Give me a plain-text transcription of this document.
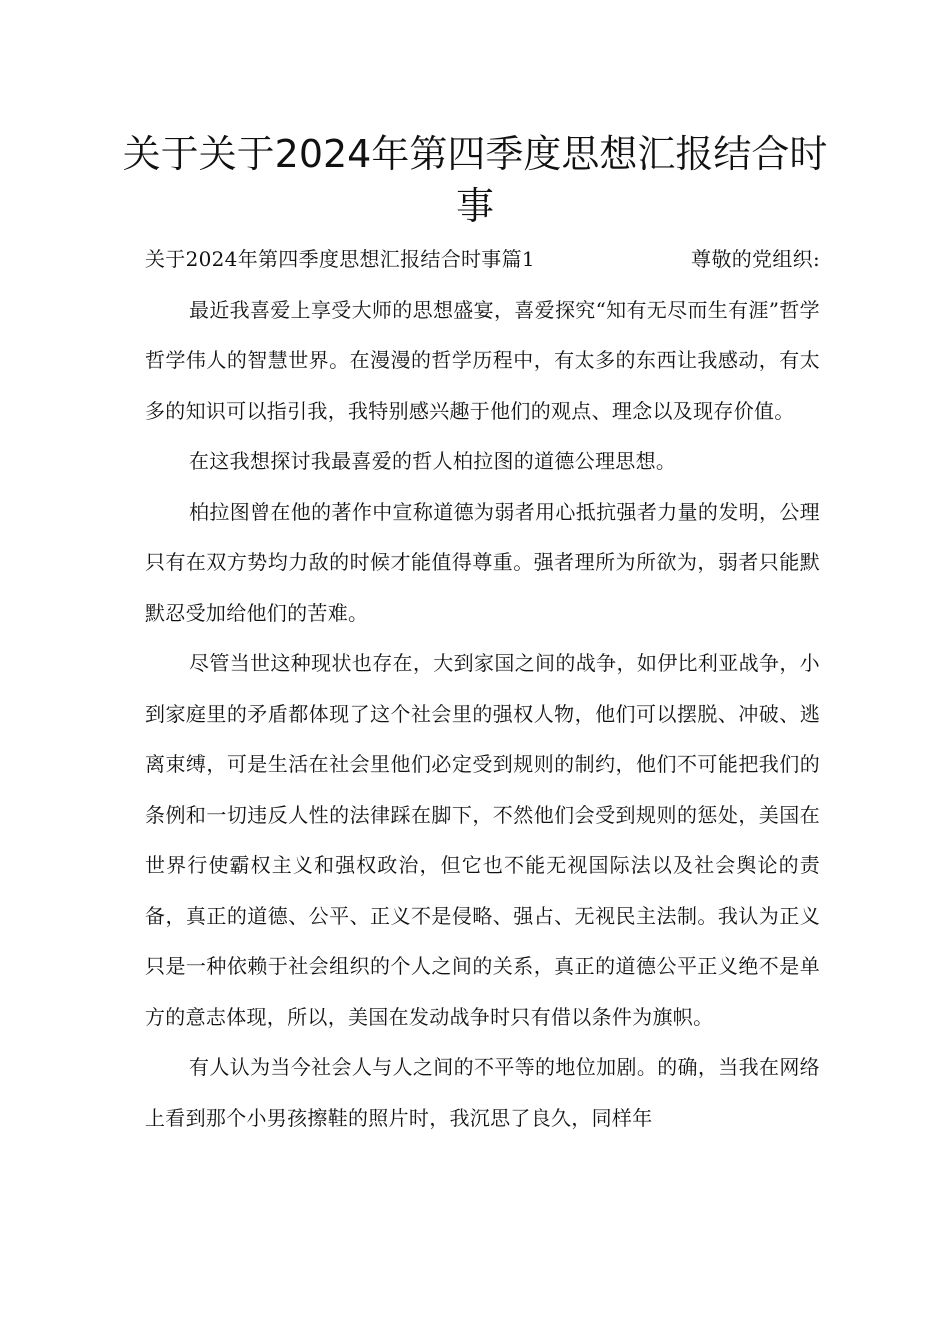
关于关于2024年第四季度思想汇报结合时事

关于2024年第四季度思想汇报结合时事篇1	尊敬的党组织:

最近我喜爱上享受大师的思想盛宴，喜爱探究“知有无尽而生有涯”哲学哲学伟人的智慧世界。在漫漫的哲学历程中，有太多的东西让我感动，有太多的知识可以指引我，我特别感兴趣于他们的观点、理念以及现存价值。

在这我想探讨我最喜爱的哲人柏拉图的道德公理思想。

柏拉图曾在他的著作中宣称道德为弱者用心抵抗强者力量的发明，公理只有在双方势均力敌的时候才能值得尊重。强者理所为所欲为，弱者只能默默忍受加给他们的苦难。

尽管当世这种现状也存在，大到家国之间的战争，如伊比利亚战争，小到家庭里的矛盾都体现了这个社会里的强权人物，他们可以摆脱、冲破、逃离束缚，可是生活在社会里他们必定受到规则的制约，他们不可能把我们的条例和一切违反人性的法律踩在脚下，不然他们会受到规则的惩处，美国在世界行使霸权主义和强权政治，但它也不能无视国际法以及社会舆论的责备，真正的道德、公平、正义不是侵略、强占、无视民主法制。我认为正义只是一种依赖于社会组织的个人之间的关系，真正的道德公平正义绝不是单方的意志体现，所以，美国在发动战争时只有借以条件为旗帜。

有人认为当今社会人与人之间的不平等的地位加剧。的确，当我在网络上看到那个小男孩擦鞋的照片时，我沉思了良久，同样年
